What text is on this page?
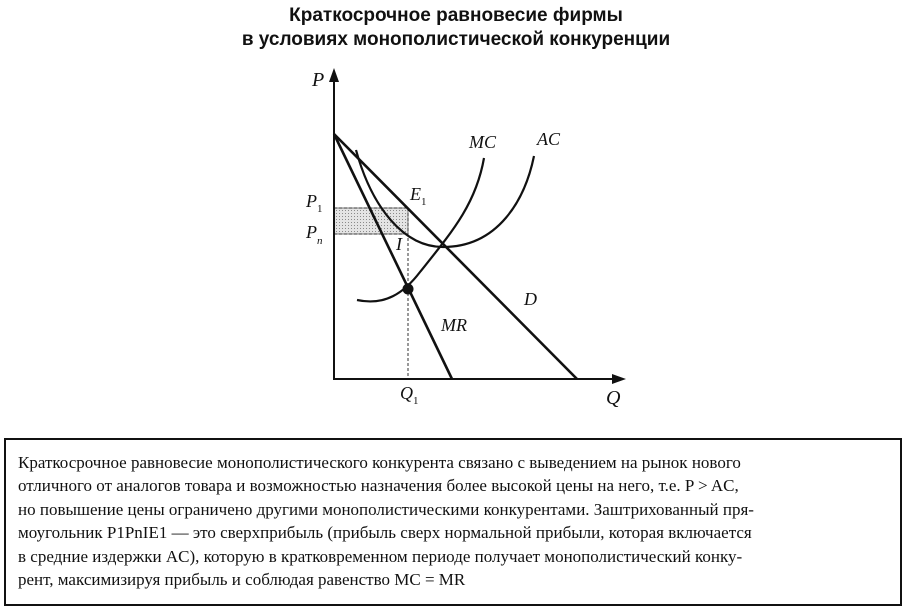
Краткосрочное равновесие фирмы
в условиях монополистической конкуренции
P
Q
MC AC
D
MR
$E_1$
I
$P_1$
$P_n$
$Q_1$

Краткосрочное равновесие монополистического конкурента связано с выведением на рынок нового

отличного от аналогов товара и возможностью назначения более высокой цены на него, т.е. P > AC,

но повышение цены ограничено другими монополистическими конкурентами. Заштрихованный пря-

моугольник P1PnIE1 — это сверхприбыль (прибыль сверх нормальной прибыли, которая включается

в средние издержки AC), которую в кратковременном периоде получает монополистический конку-

рент, максимизируя прибыль и соблюдая равенство MC = MR
